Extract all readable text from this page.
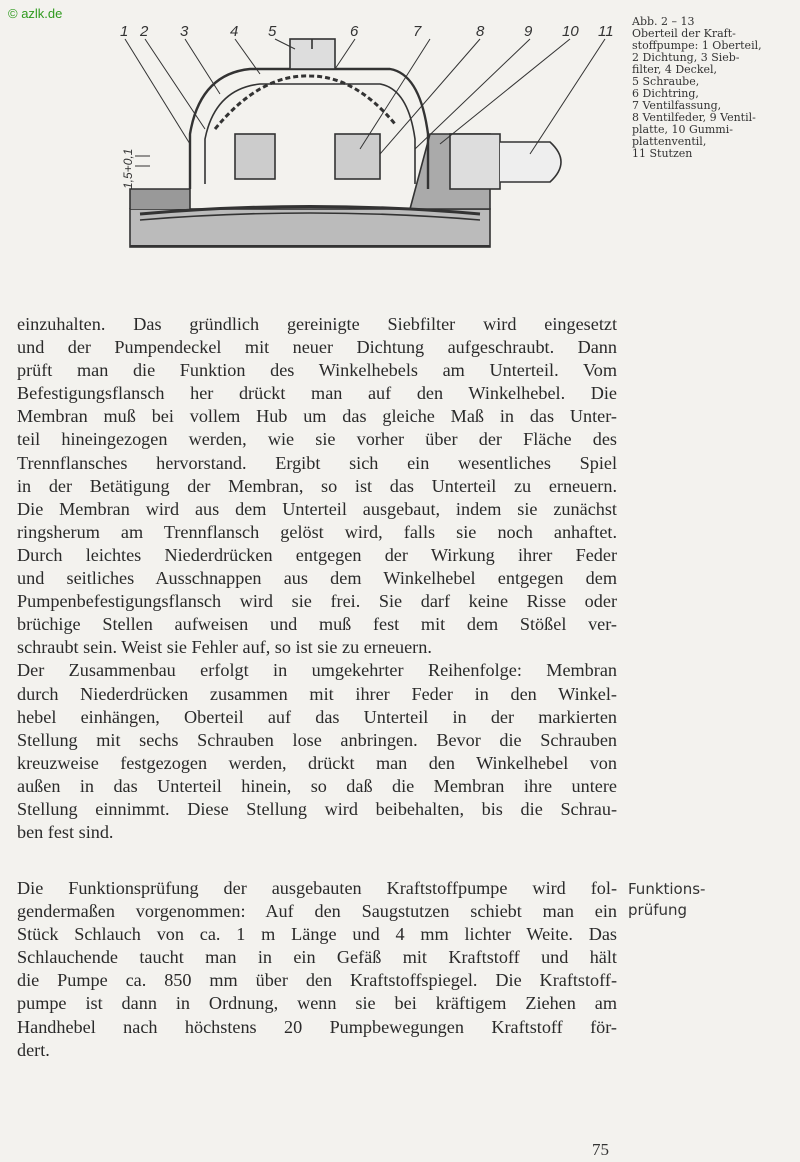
© azlk.de
1 2 3	4 5	6	7	8	9 10 11
1,5+0,1
Abb. 2 – 13
Oberteil der Kraft-
stoffpumpe: 1 Oberteil,
2 Dichtung, 3 Sieb-
filter, 4 Deckel,
5 Schraube,
6 Dichtring,
7 Ventilfassung,
8 Ventilfeder, 9 Ventil-
platte, 10 Gummi-
plattenventil,
11 Stutzen
einzuhalten. Das gründlich gereinigte Siebfilter wird eingesetzt
und der Pumpendeckel mit neuer Dichtung aufgeschraubt. Dann
prüft man die Funktion des Winkelhebels am Unterteil. Vom
Befestigungsflansch her drückt man auf den Winkelhebel. Die
Membran muß bei vollem Hub um das gleiche Maß in das Unter-
teil hineingezogen werden, wie sie vorher über der Fläche des
Trennflansches hervorstand. Ergibt sich ein wesentliches Spiel
in der Betätigung der Membran, so ist das Unterteil zu erneuern.
Die Membran wird aus dem Unterteil ausgebaut, indem sie zunächst
ringsherum am Trennflansch gelöst wird, falls sie noch anhaftet.
Durch leichtes Niederdrücken entgegen der Wirkung ihrer Feder
und seitliches Ausschnappen aus dem Winkelhebel entgegen dem
Pumpenbefestigungsflansch wird sie frei. Sie darf keine Risse oder
brüchige Stellen aufweisen und muß fest mit dem Stößel ver-
schraubt sein. Weist sie Fehler auf, so ist sie zu erneuern.
Der Zusammenbau erfolgt in umgekehrter Reihenfolge: Membran
durch Niederdrücken zusammen mit ihrer Feder in den Winkel-
hebel einhängen, Oberteil auf das Unterteil in der markierten
Stellung mit sechs Schrauben lose anbringen. Bevor die Schrauben
kreuzweise festgezogen werden, drückt man den Winkelhebel von
außen in das Unterteil hinein, so daß die Membran ihre untere
Stellung einnimmt. Diese Stellung wird beibehalten, bis die Schrau-
ben fest sind.
Die Funktionsprüfung der ausgebauten Kraftstoffpumpe wird fol-
gendermaßen vorgenommen: Auf den Saugstutzen schiebt man ein
Stück Schlauch von ca. 1 m Länge und 4 mm lichter Weite. Das
Schlauchende taucht man in ein Gefäß mit Kraftstoff und hält
die Pumpe ca. 850 mm über den Kraftstoffspiegel. Die Kraftstoff-
pumpe ist dann in Ordnung, wenn sie bei kräftigem Ziehen am
Handhebel nach höchstens 20 Pumpbewegungen Kraftstoff för-
dert.
Funktions-
prüfung
75
